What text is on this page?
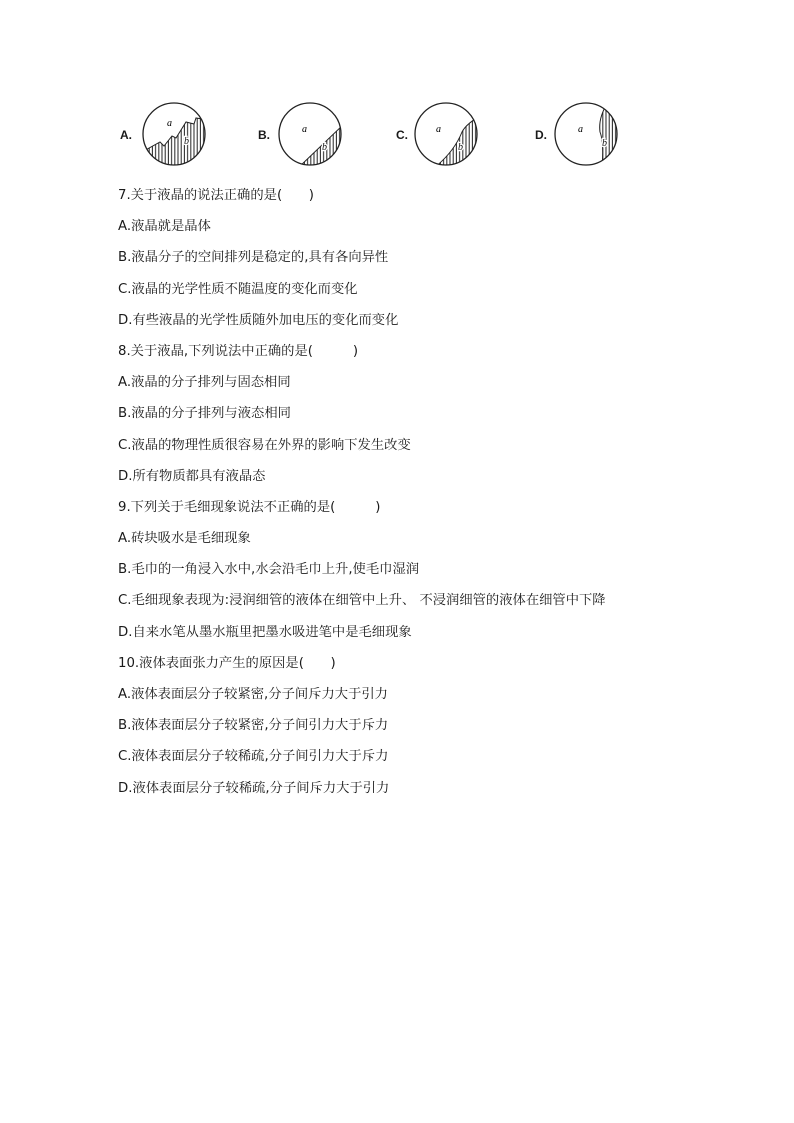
A.
a
b	B.	a
b
C.	a
b
D.	a
b
7.关于液晶的说法正确的是(　　)
A.液晶就是晶体
B.液晶分子的空间排列是稳定的,具有各向异性
C.液晶的光学性质不随温度的变化而变化
D.有些液晶的光学性质随外加电压的变化而变化
8.关于液晶,下列说法中正确的是(　　　)
A.液晶的分子排列与固态相同
B.液晶的分子排列与液态相同
C.液晶的物理性质很容易在外界的影响下发生改变
D.所有物质都具有液晶态
9.下列关于毛细现象说法不正确的是(　　　)
A.砖块吸水是毛细现象
B.毛巾的一角浸入水中,水会沿毛巾上升,使毛巾湿润
C.毛细现象表现为:浸润细管的液体在细管中上升、 不浸润细管的液体在细管中下降
D.自来水笔从墨水瓶里把墨水吸进笔中是毛细现象
10.液体表面张力产生的原因是(　　)
A.液体表面层分子较紧密,分子间斥力大于引力
B.液体表面层分子较紧密,分子间引力大于斥力
C.液体表面层分子较稀疏,分子间引力大于斥力
D.液体表面层分子较稀疏,分子间斥力大于引力
